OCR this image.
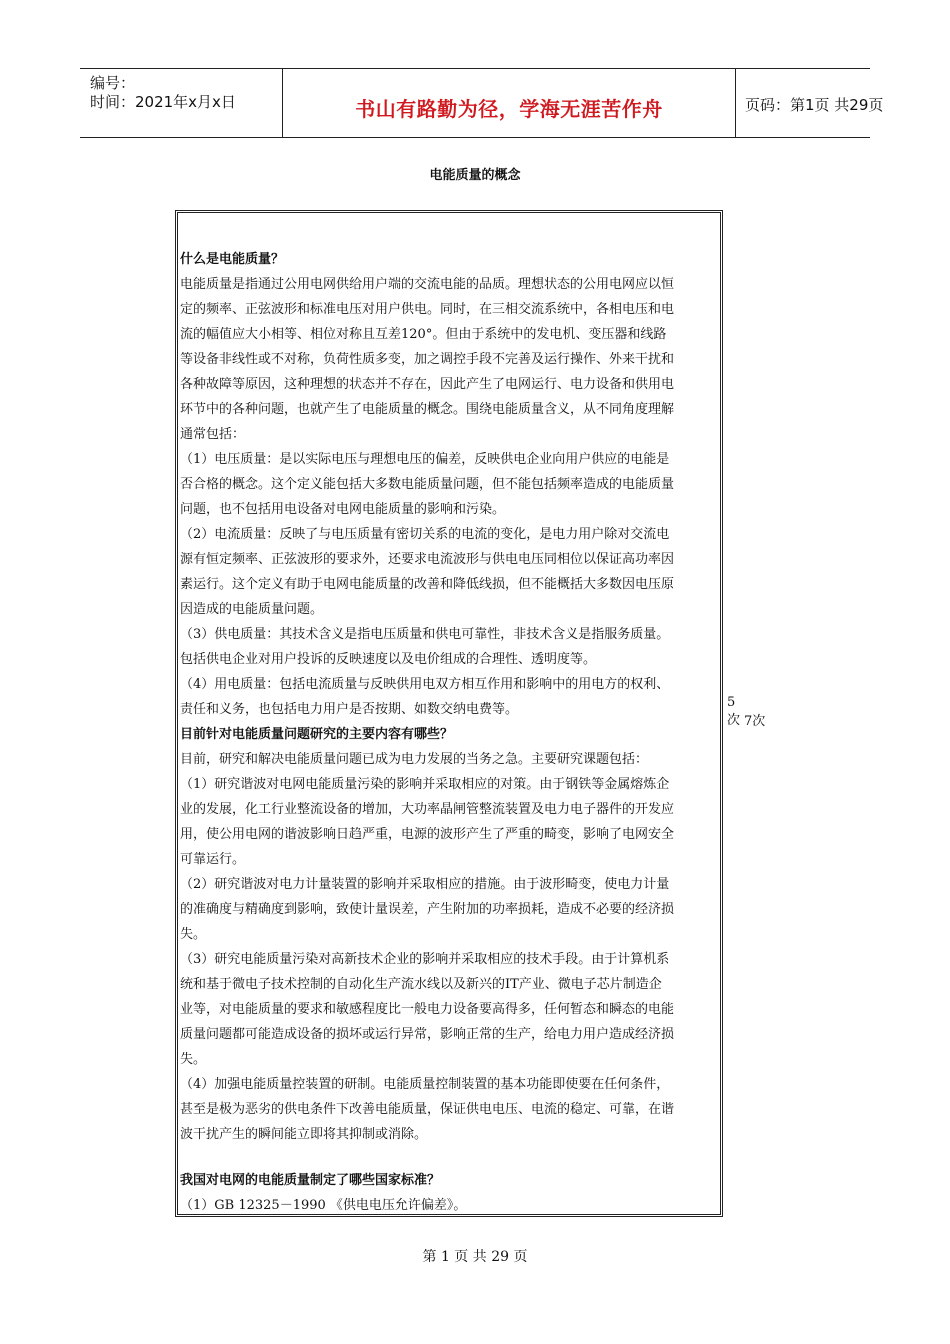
编号：
时间：2021年x月x日	书山有路勤为径，学海无涯苦作舟	页码：第1页 共29页
电能质量的概念
什么是电能质量？
电能质量是指通过公用电网供给用户端的交流电能的品质。理想状态的公用电网应以恒
定的频率、正弦波形和标准电压对用户供电。同时，在三相交流系统中，各相电压和电
流的幅值应大小相等、相位对称且互差120°。但由于系统中的发电机、变压器和线路
等设备非线性或不对称，负荷性质多变，加之调控手段不完善及运行操作、外来干扰和
各种故障等原因，这种理想的状态并不存在，因此产生了电网运行、电力设备和供用电
环节中的各种问题，也就产生了电能质量的概念。围绕电能质量含义，从不同角度理解
通常包括：
（1）电压质量：是以实际电压与理想电压的偏差，反映供电企业向用户供应的电能是
否合格的概念。这个定义能包括大多数电能质量问题，但不能包括频率造成的电能质量
问题，也不包括用电设备对电网电能质量的影响和污染。
（2）电流质量：反映了与电压质量有密切关系的电流的变化，是电力用户除对交流电
源有恒定频率、正弦波形的要求外，还要求电流波形与供电电压同相位以保证高功率因
素运行。这个定义有助于电网电能质量的改善和降低线损，但不能概括大多数因电压原
因造成的电能质量问题。
（3）供电质量：其技术含义是指电压质量和供电可靠性，非技术含义是指服务质量。
包括供电企业对用户投诉的反映速度以及电价组成的合理性、透明度等。
（4）用电质量：包括电流质量与反映供用电双方相互作用和影响中的用电方的权利、
责任和义务，也包括电力用户是否按期、如数交纳电费等。
目前针对电能质量问题研究的主要内容有哪些？
目前，研究和解决电能质量问题已成为电力发展的当务之急。主要研究课题包括：
（1）研究谐波对电网电能质量污染的影响并采取相应的对策。由于钢铁等金属熔炼企
业的发展，化工行业整流设备的增加，大功率晶闸管整流装置及电力电子器件的开发应
用，使公用电网的谐波影响日趋严重，电源的波形产生了严重的畸变，影响了电网安全
可靠运行。
（2）研究谐波对电力计量装置的影响并采取相应的措施。由于波形畸变，使电力计量
的准确度与精确度到影响，致使计量误差，产生附加的功率损耗，造成不必要的经济损
失。
（3）研究电能质量污染对高新技术企业的影响并采取相应的技术手段。由于计算机系
统和基于微电子技术控制的自动化生产流水线以及新兴的IT产业、微电子芯片制造企
业等，对电能质量的要求和敏感程度比一般电力设备要高得多，任何暂态和瞬态的电能
质量问题都可能造成设备的损坏或运行异常，影响正常的生产，给电力用户造成经济损
失。
（4）加强电能质量控装置的研制。电能质量控制装置的基本功能即使要在任何条件，
甚至是极为恶劣的供电条件下改善电能质量，保证供电电压、电流的稳定、可靠，在谐
波干扰产生的瞬间能立即将其抑制或消除。
我国对电网的电能质量制定了哪些国家标准？
（1）GB 12325－1990 《供电电压允许偏差》。
5次 7次
第 1 页 共 29 页
